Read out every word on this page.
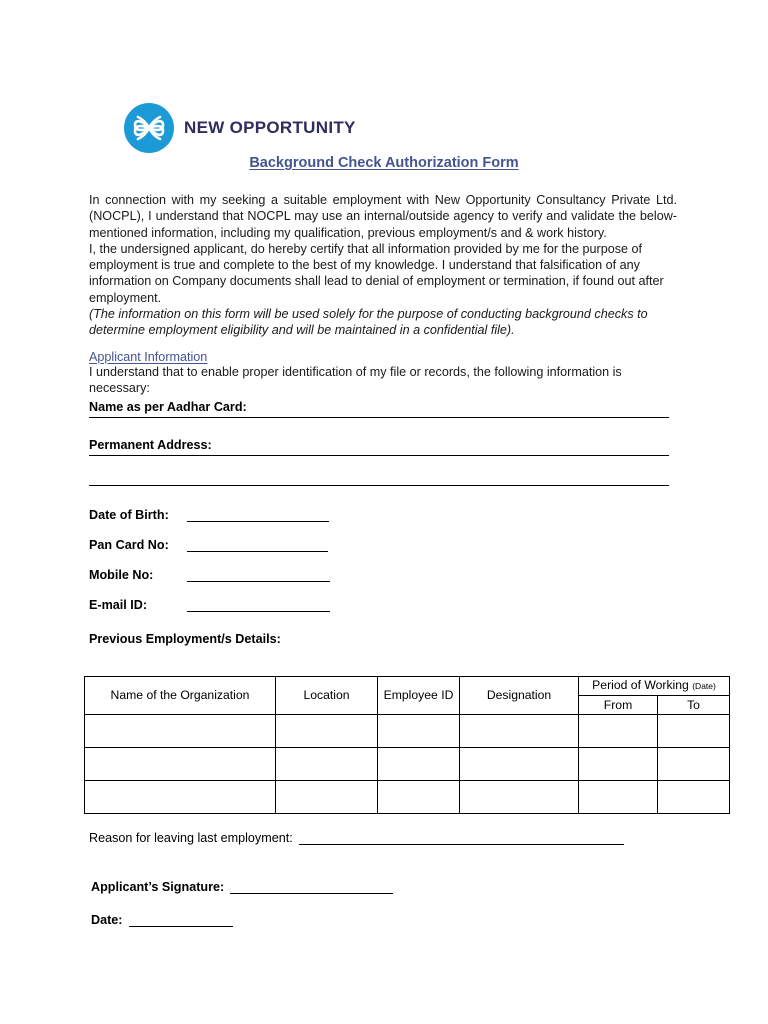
NEW OPPORTUNITY
Background Check Authorization Form

In connection with my seeking a suitable employment with New Opportunity Consultancy Private Ltd. (NOCPL), I understand that NOCPL may use an internal/outside agency to verify and validate the below-mentioned information, including my qualification, previous employment/s and & work history.

I, the undersigned applicant, do hereby certify that all information provided by me for the purpose of employment is true and complete to the best of my knowledge. I understand that falsification of any information on Company documents shall lead to denial of employment or termination, if found out after employment.

(The information on this form will be used solely for the purpose of conducting background checks to determine employment eligibility and will be maintained in a confidential file).

Applicant Information

I understand that to enable proper identification of my file or records, the following information is necessary:

Name as per Aadhar Card:
Permanent Address:
Date of Birth:
Pan Card No:
Mobile No:
E-mail ID:
Previous Employment/s Details:
Name of the Organization	Location	Employee ID	Designation	Period of Working (Date)	
				From	To

Reason for leaving last employment:
Applicant’s Signature:
Date:
